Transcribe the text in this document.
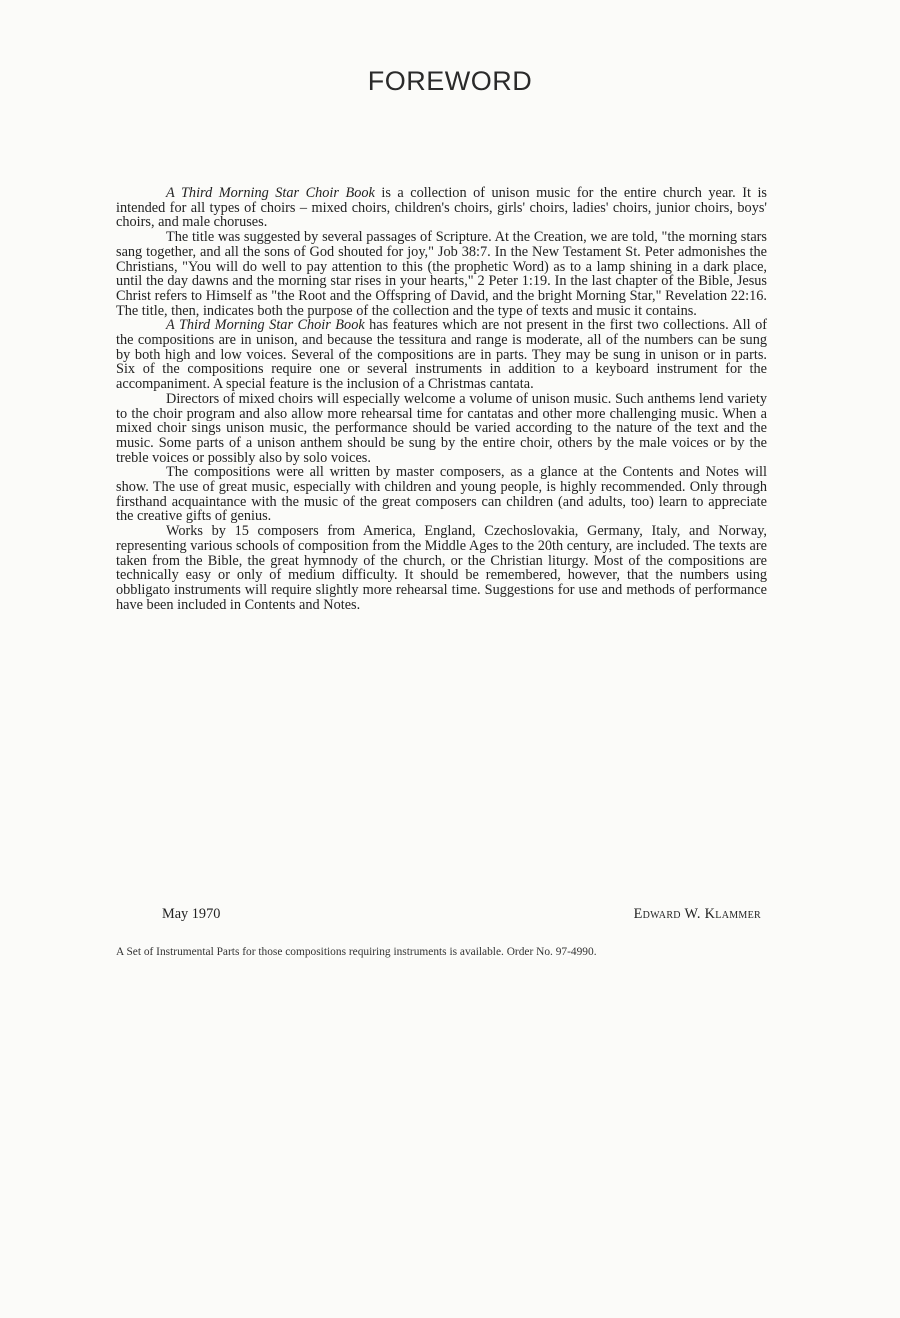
FOREWORD

A Third Morning Star Choir Book is a collection of unison music for the entire church year. It is intended for all types of choirs – mixed choirs, children's choirs, girls' choirs, ladies' choirs, junior choirs, boys' choirs, and male choruses.

The title was suggested by several passages of Scripture. At the Creation, we are told, "the morning stars sang together, and all the sons of God shouted for joy," Job 38:7. In the New Testament St. Peter admonishes the Christians, "You will do well to pay attention to this (the prophetic Word) as to a lamp shining in a dark place, until the day dawns and the morning star rises in your hearts," 2 Peter 1:19. In the last chapter of the Bible, Jesus Christ refers to Himself as "the Root and the Offspring of David, and the bright Morning Star," Revelation 22:16. The title, then, indicates both the purpose of the collection and the type of texts and music it contains.

A Third Morning Star Choir Book has features which are not present in the first two collections. All of the compositions are in unison, and because the tessitura and range is moderate, all of the numbers can be sung by both high and low voices. Several of the compositions are in parts. They may be sung in unison or in parts. Six of the compositions require one or several instruments in addition to a keyboard instrument for the accompaniment. A special feature is the inclusion of a Christmas cantata.

Directors of mixed choirs will especially welcome a volume of unison music. Such anthems lend variety to the choir program and also allow more rehearsal time for cantatas and other more challenging music. When a mixed choir sings unison music, the performance should be varied according to the nature of the text and the music. Some parts of a unison anthem should be sung by the entire choir, others by the male voices or by the treble voices or possibly also by solo voices.

The compositions were all written by master composers, as a glance at the Contents and Notes will show. The use of great music, especially with children and young people, is highly recommended. Only through firsthand acquaintance with the music of the great composers can children (and adults, too) learn to appreciate the creative gifts of genius.

Works by 15 composers from America, England, Czechoslovakia, Germany, Italy, and Norway, representing various schools of composition from the Middle Ages to the 20th century, are included. The texts are taken from the Bible, the great hymnody of the church, or the Christian liturgy. Most of the compositions are technically easy or only of medium difficulty. It should be remembered, however, that the numbers using obbligato instruments will require slightly more rehearsal time. Suggestions for use and methods of performance have been included in Contents and Notes.

May 1970	Edward W. Klammer
A Set of Instrumental Parts for those compositions requiring instruments is available. Order No. 97-4990.
